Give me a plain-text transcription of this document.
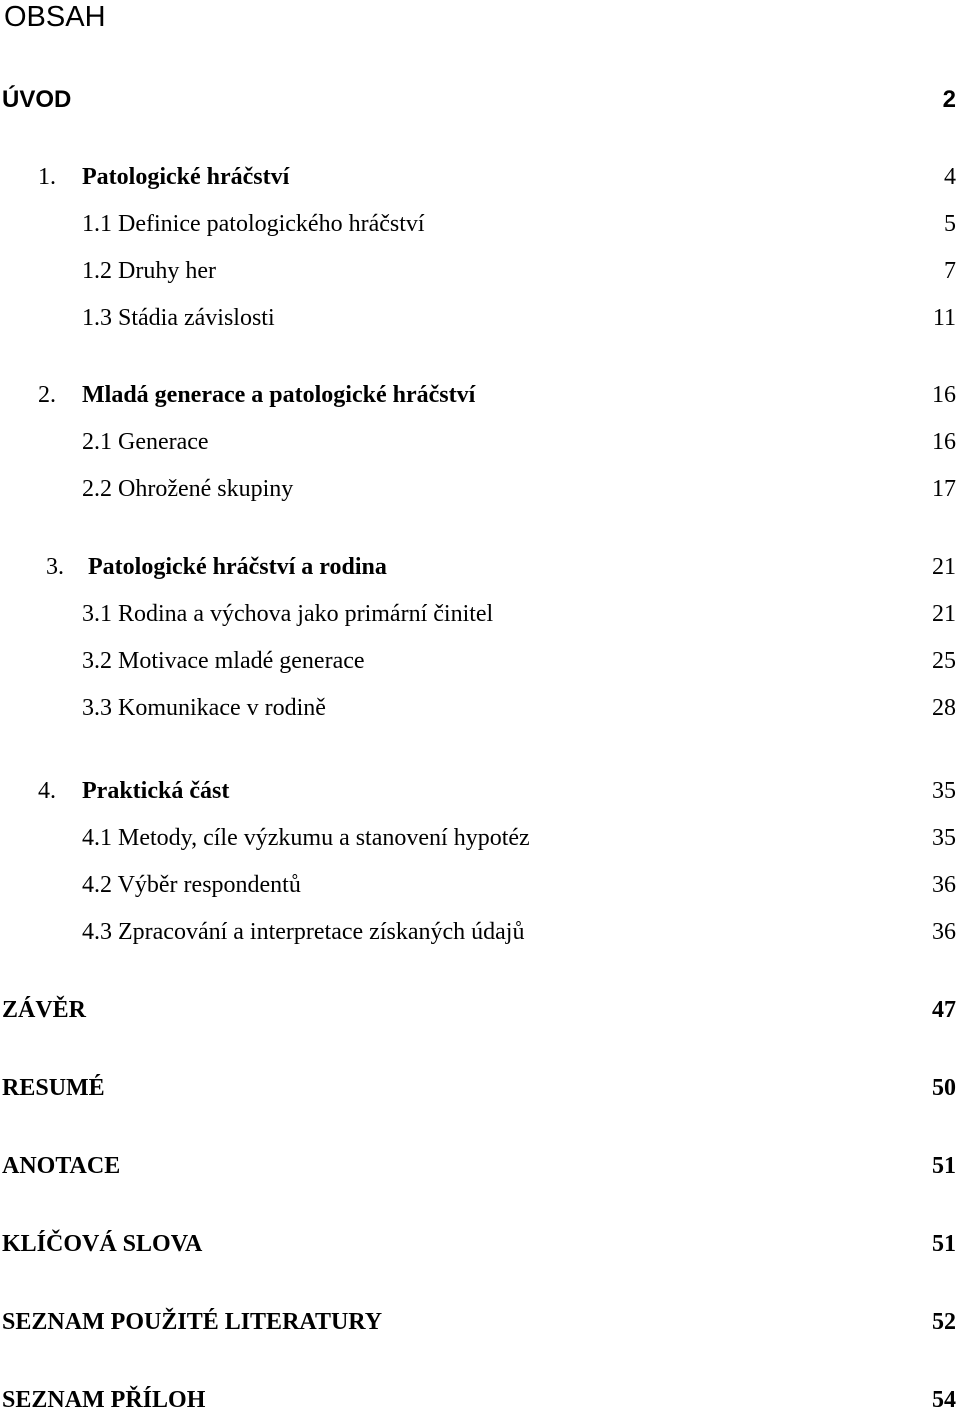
OBSAH
ÚVOD	2
1. Patologické hráčství	4
1.1 Definice patologického hráčství	5
1.2 Druhy her	7
1.3 Stádia závislosti	11
2. Mladá generace a patologické hráčství	16
2.1 Generace	16
2.2 Ohrožené skupiny	17
3. Patologické hráčství a rodina	21
3.1 Rodina a výchova jako primární činitel	21
3.2 Motivace mladé generace	25
3.3 Komunikace v rodině	28
4. Praktická část	35
4.1 Metody, cíle výzkumu a stanovení hypotéz	35
4.2 Výběr respondentů	36
4.3 Zpracování a interpretace získaných údajů	36
ZÁVĚR	47
RESUMÉ	50
ANOTACE	51
KLÍČOVÁ SLOVA	51
SEZNAM POUŽITÉ LITERATURY	52
SEZNAM PŘÍLOH	54
